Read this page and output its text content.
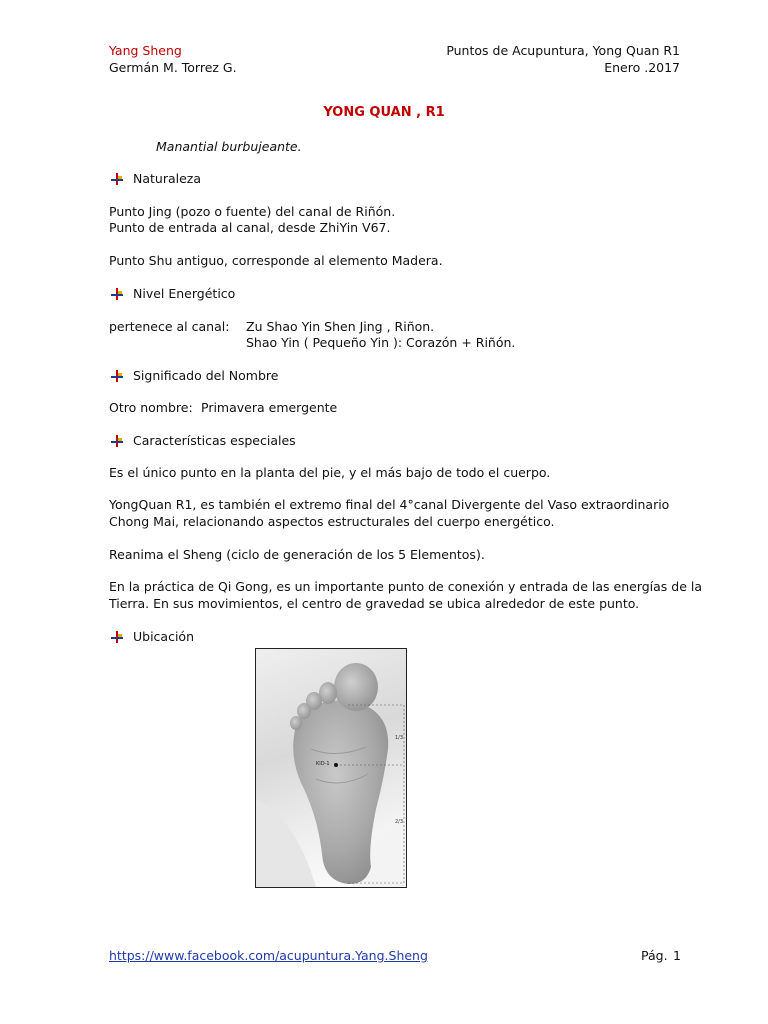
Yang Sheng
Germán M. Torrez G.
Puntos de Acupuntura, Yong Quan R1
Enero .2017
YONG QUAN , R1
Manantial burbujeante.
Naturaleza
Punto Jing (pozo o fuente) del canal de Riñón.
Punto de entrada al canal, desde ZhiYin V67.
Punto Shu antiguo, corresponde al elemento Madera.
Nivel Energético
pertenece al canal: Zu Shao Yin Shen Jing , Riñon.
Shao Yin ( Pequeño Yin ): Corazón + Riñón.
Significado del Nombre
Otro nombre: Primavera emergente
Características especiales
Es el único punto en la planta del pie, y el más bajo de todo el cuerpo.
YongQuan R1, es también el extremo final del 4°canal Divergente del Vaso extraordinario
Chong Mai, relacionando aspectos estructurales del cuerpo energético.
Reanima el Sheng (ciclo de generación de los 5 Elementos).
En la práctica de Qi Gong, es un importante punto de conexión y entrada de las energías de la
Tierra. En sus movimientos, el centro de gravedad se ubica alrededor de este punto.
Ubicación
KID-1
1/3
2/3
https://www.facebook.com/acupuntura.Yang.Sheng	Pág. 1
